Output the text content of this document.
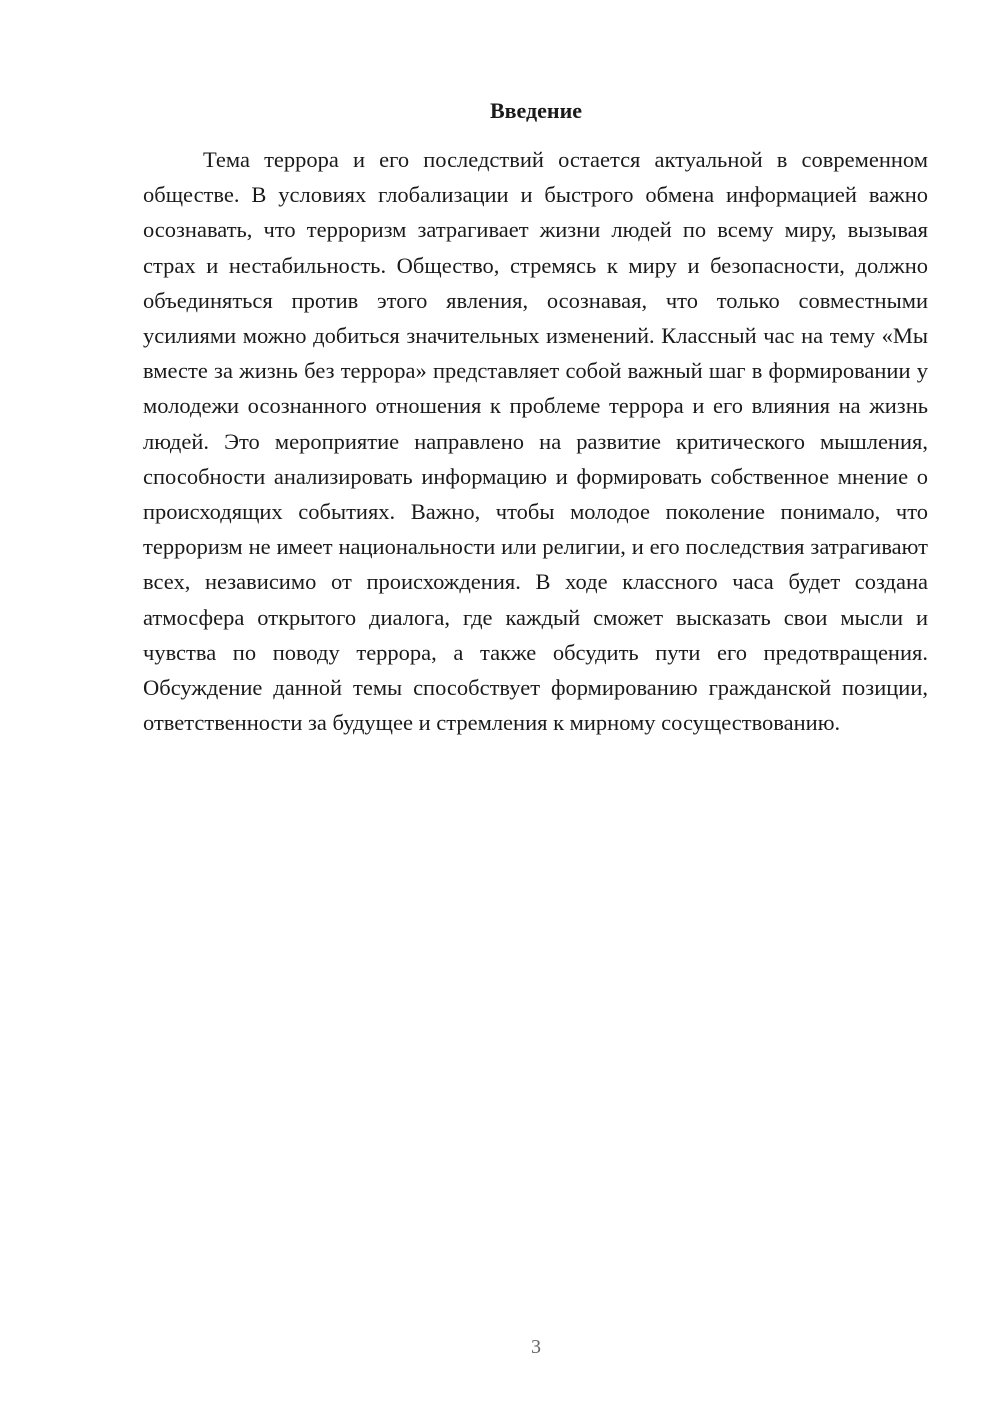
Введение

Тема террора и его последствий остается актуальной в современном обществе. В условиях глобализации и быстрого обмена информацией важно осознавать, что терроризм затрагивает жизни людей по всему миру, вызывая страх и нестабильность. Общество, стремясь к миру и безопасности, должно объединяться против этого явления, осознавая, что только совместными усилиями можно добиться значительных изменений. Классный час на тему «Мы вместе за жизнь без террора» представляет собой важный шаг в формировании у молодежи осознанного отношения к проблеме террора и его влияния на жизнь людей. Это мероприятие направлено на развитие критического мышления, способности анализировать информацию и формировать собственное мнение о происходящих событиях. Важно, чтобы молодое поколение понимало, что терроризм не имеет национальности или религии, и его последствия затрагивают всех, независимо от происхождения. В ходе классного часа будет создана атмосфера открытого диалога, где каждый сможет высказать свои мысли и чувства по поводу террора, а также обсудить пути его предотвращения. Обсуждение данной темы способствует формированию гражданской позиции, ответственности за будущее и стремления к мирному сосуществованию.

3
